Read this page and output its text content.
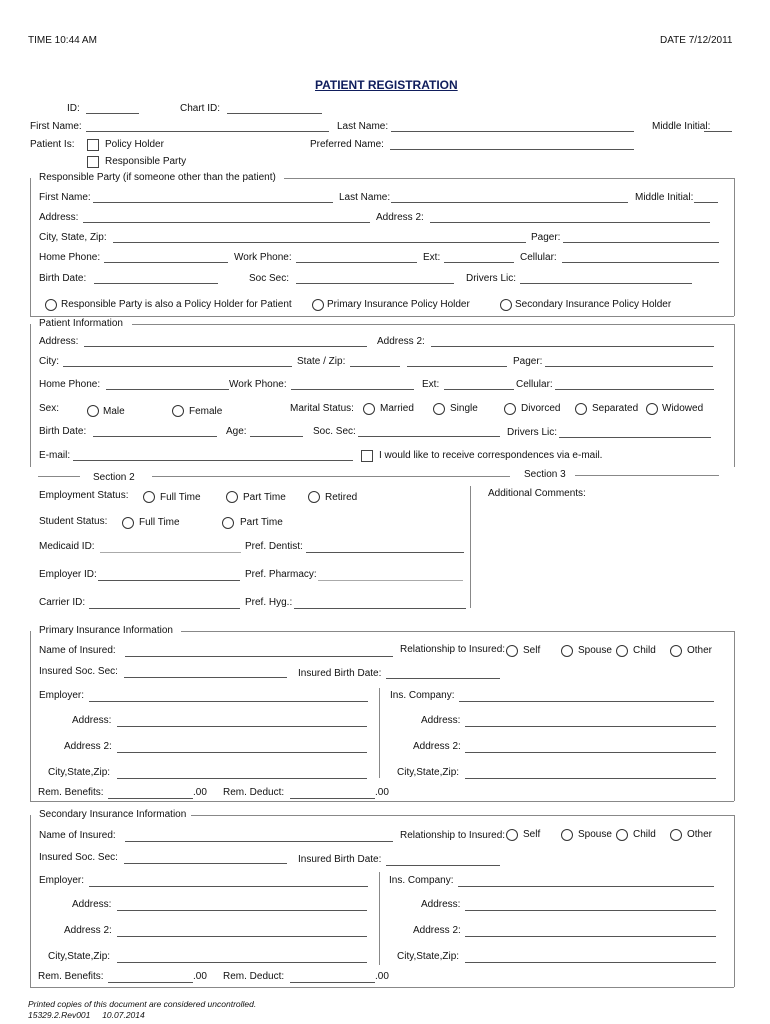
TIME 10:44 AM	DATE 7/12/2011
PATIENT REGISTRATION
ID:	Chart ID:
First Name:	Last Name:	Middle Initial:
Patient Is:	Policy Holder
Responsible Party
Preferred Name:
Responsible Party (if someone other than the patient)
First Name:	Last Name:	Middle Initial:
Address:	Address 2:
City, State, Zip:	Pager:
Home Phone:	Work Phone:	Ext:	Cellular:
Birth Date:	Soc Sec:	Drivers Lic:
Responsible Party is also a Policy Holder for Patient	Primary Insurance Policy Holder	Secondary Insurance Policy Holder
Patient Information
Address:	Address 2:
City:	State / Zip:	Pager:
Home Phone:	Work Phone:	Ext:	Cellular:
Sex:	Male	Female	Marital Status:	Married	Single	Divorced	Separated Widowed
Birth Date:	Age:	Soc. Sec:	Drivers Lic:
E-mail:	I would like to receive correspondences via e-mail.
Section 2	Section 3
Employment Status:	Full Time	Part Time	Retired	Additional Comments:
Student Status:	Full Time	Part Time
Medicaid ID:	Pref. Dentist:
Employer ID:	Pref. Pharmacy:
Carrier ID:	Pref. Hyg.:
Primary Insurance Information
Name of Insured:	Relationship to Insured: Self	Spouse Child	Other
Insured Soc. Sec:	Insured Birth Date:
Employer:	Ins. Company:
Address:	Address:
Address 2:	Address 2:
City,State,Zip:	City,State,Zip:
Rem. Benefits:	.00 Rem. Deduct:	.00
Secondary Insurance Information
Name of Insured:	Relationship to Insured: Self	Spouse Child	Other
Insured Soc. Sec:	Insured Birth Date:
Employer:	Ins. Company:
Address:	Address:
Address 2:	Address 2:
City,State,Zip:	City,State,Zip:
Rem. Benefits:	.00 Rem. Deduct:	.00
Printed copies of this document are considered uncontrolled.
15329.2.Rev001     10.07.2014
